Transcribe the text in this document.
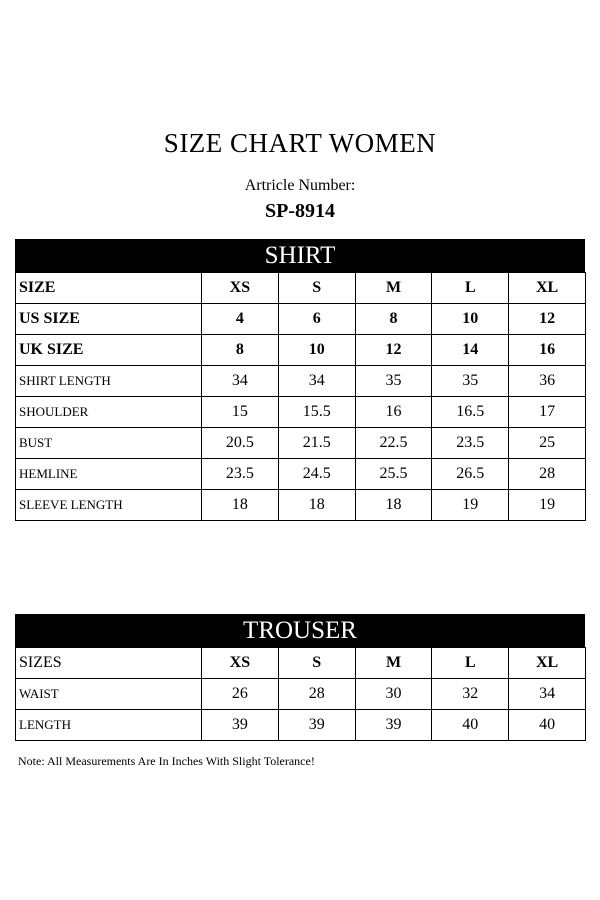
SIZE CHART WOMEN
Artricle Number:
SP-8914
SHIRT
SIZE	XS	S	M	L	XL
US SIZE	4	6	8	10	12
UK SIZE	8	10	12	14	16
SHIRT LENGTH	34	34	35	35	36
SHOULDER	15	15.5	16	16.5	17
BUST	20.5	21.5	22.5	23.5	25
HEMLINE	23.5	24.5	25.5	26.5	28
SLEEVE LENGTH	18	18	18	19	19
TROUSER
SIZES	XS	S	M	L	XL
WAIST	26	28	30	32	34
LENGTH	39	39	39	40	40
Note: All Measurements Are In Inches With Slight Tolerance!
